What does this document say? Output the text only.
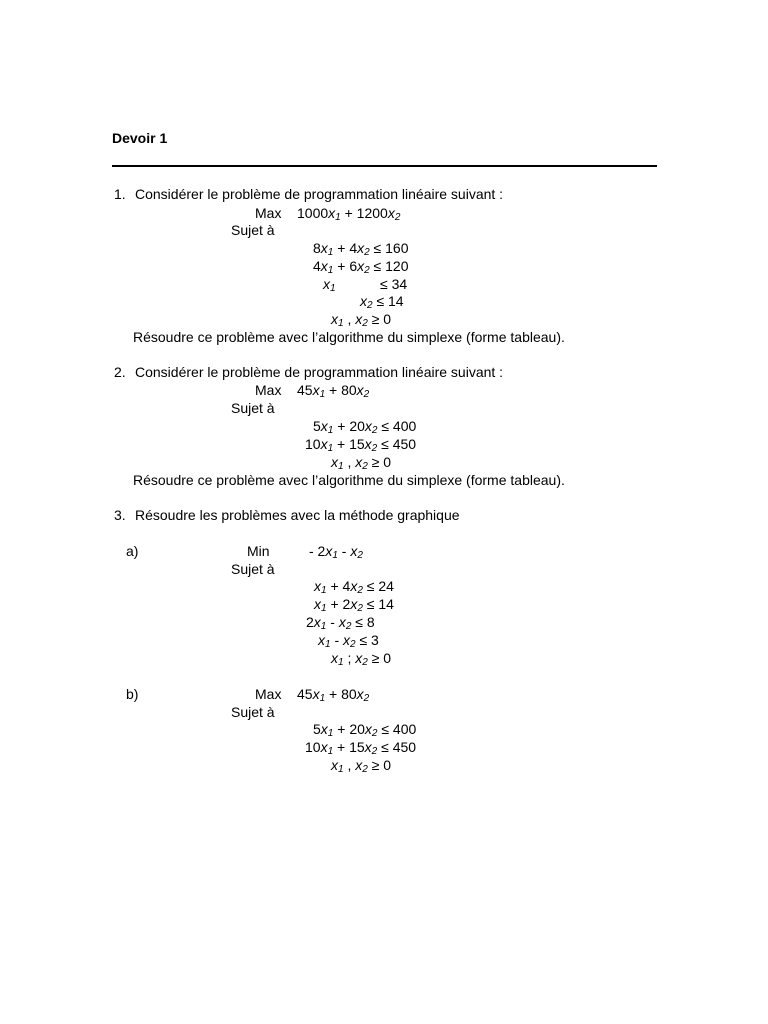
Devoir 1
1. Considérer le problème de programmation linéaire suivant :
Max 1000x1 + 1200x2
Sujet à
8x1 + 4x2 ≤ 160
4x1 + 6x2 ≤ 120
x1	≤ 34
x2 ≤ 14
x1 , x2 ≥ 0
Résoudre ce problème avec l’algorithme du simplexe (forme tableau).
2. Considérer le problème de programmation linéaire suivant :
Max 45x1 + 80x2
Sujet à
5x1 + 20x2 ≤ 400
10x1 + 15x2 ≤ 450
x1 , x2 ≥ 0
Résoudre ce problème avec l’algorithme du simplexe (forme tableau).
3. Résoudre les problèmes avec la méthode graphique
a)	Min	- 2x1 - x2
Sujet à
x1 + 4x2 ≤ 24
x1 + 2x2 ≤ 14
2x1 - x2 ≤ 8
x1 - x2 ≤ 3
x1 ; x2 ≥ 0
b)	Max 45x1 + 80x2
Sujet à
5x1 + 20x2 ≤ 400
10x1 + 15x2 ≤ 450
x1 , x2 ≥ 0
